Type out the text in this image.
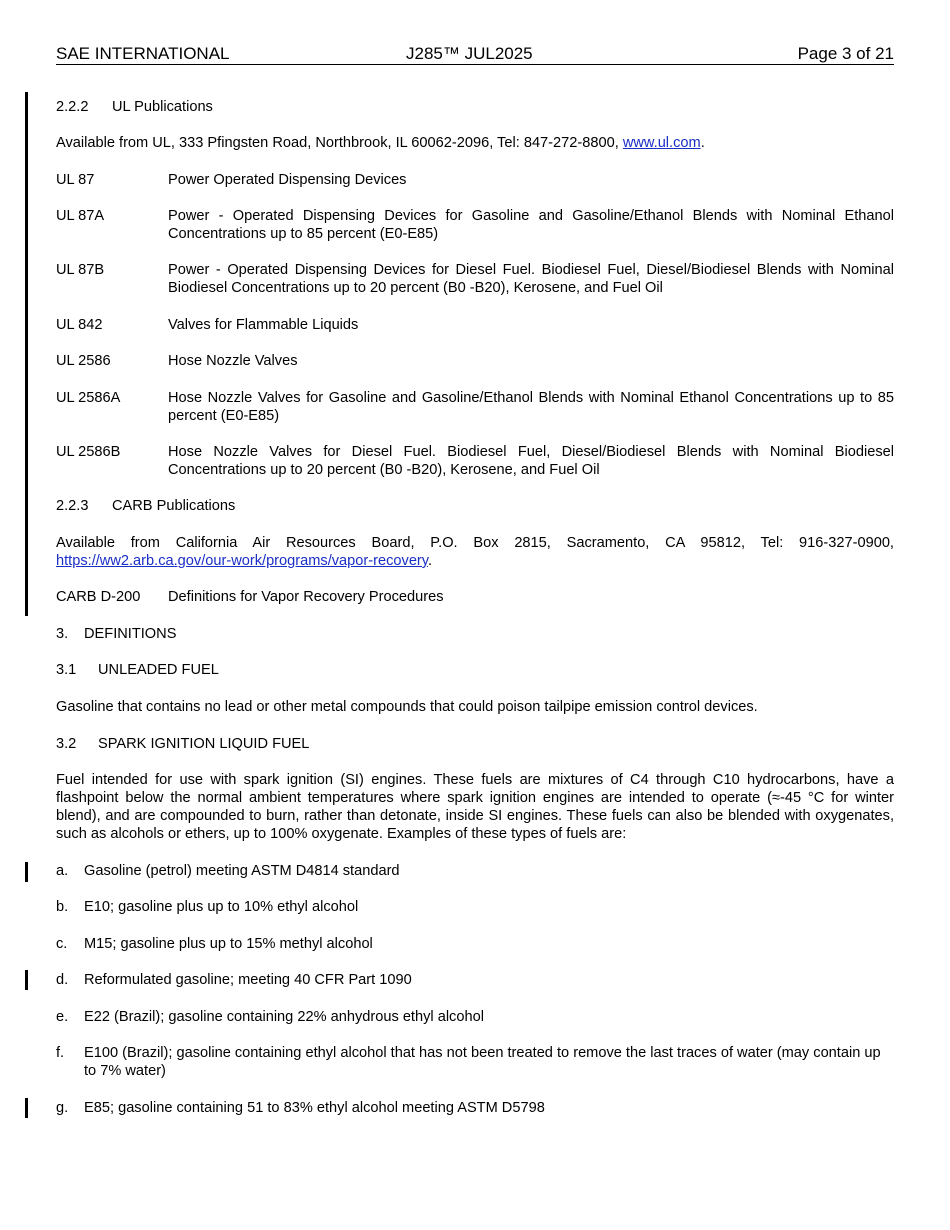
SAE INTERNATIONAL	J285™ JUL2025	Page 3 of 21
2.2.2 UL Publications
Available from UL, 333 Pfingsten Road, Northbrook, IL 60062-2096, Tel: 847-272-8800, www.ul.com.
UL 87	Power Operated Dispensing Devices
UL 87A	Power - Operated Dispensing Devices for Gasoline and Gasoline/Ethanol Blends with Nominal Ethanol Concentrations up to 85 percent (E0-E85)
UL 87B	Power - Operated Dispensing Devices for Diesel Fuel. Biodiesel Fuel, Diesel/Biodiesel Blends with Nominal Biodiesel Concentrations up to 20 percent (B0 -B20), Kerosene, and Fuel Oil
UL 842	Valves for Flammable Liquids
UL 2586	Hose Nozzle Valves
UL 2586A	Hose Nozzle Valves for Gasoline and Gasoline/Ethanol Blends with Nominal Ethanol Concentrations up to 85 percent (E0-E85)
UL 2586B	Hose Nozzle Valves for Diesel Fuel. Biodiesel Fuel, Diesel/Biodiesel Blends with Nominal Biodiesel Concentrations up to 20 percent (B0 -B20), Kerosene, and Fuel Oil
2.2.3 CARB Publications
Available from California Air Resources Board, P.O. Box 2815, Sacramento, CA 95812, Tel: 916-327-0900, https://ww2.arb.ca.gov/our-work/programs/vapor-recovery.
CARB D-200 Definitions for Vapor Recovery Procedures
3. DEFINITIONS
3.1 UNLEADED FUEL
Gasoline that contains no lead or other metal compounds that could poison tailpipe emission control devices.
3.2 SPARK IGNITION LIQUID FUEL
Fuel intended for use with spark ignition (SI) engines. These fuels are mixtures of C4 through C10 hydrocarbons, have a flashpoint below the normal ambient temperatures where spark ignition engines are intended to operate (≈-45 °C for winter blend), and are compounded to burn, rather than detonate, inside SI engines. These fuels can also be blended with oxygenates, such as alcohols or ethers, up to 100% oxygenate. Examples of these types of fuels are:
a. Gasoline (petrol) meeting ASTM D4814 standard
b. E10; gasoline plus up to 10% ethyl alcohol
c. M15; gasoline plus up to 15% methyl alcohol
d. Reformulated gasoline; meeting 40 CFR Part 1090
e. E22 (Brazil); gasoline containing 22% anhydrous ethyl alcohol
f. E100 (Brazil); gasoline containing ethyl alcohol that has not been treated to remove the last traces of water (may contain up to 7% water)
g. E85; gasoline containing 51 to 83% ethyl alcohol meeting ASTM D5798
